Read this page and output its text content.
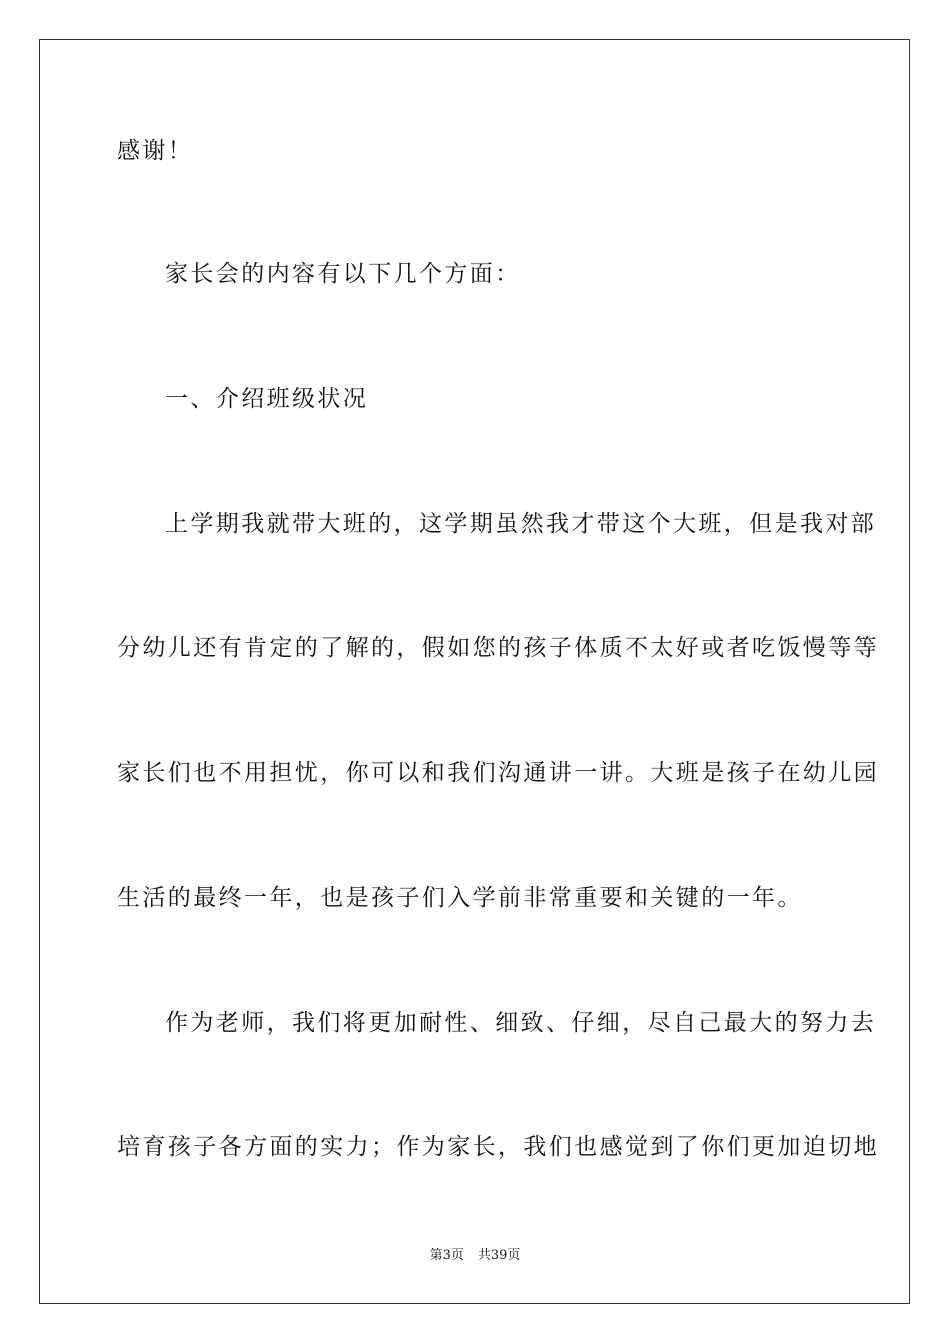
感谢！
家长会的内容有以下几个方面：
一、介绍班级状况
上学期我就带大班的，这学期虽然我才带这个大班，但是我对部
分幼儿还有肯定的了解的，假如您的孩子体质不太好或者吃饭慢等等
家长们也不用担忧，你可以和我们沟通讲一讲。大班是孩子在幼儿园
生活的最终一年，也是孩子们入学前非常重要和关键的一年。
作为老师，我们将更加耐性、细致、仔细，尽自己最大的努力去
培育孩子各方面的实力；作为家长，我们也感觉到了你们更加迫切地
第3页 共39页
